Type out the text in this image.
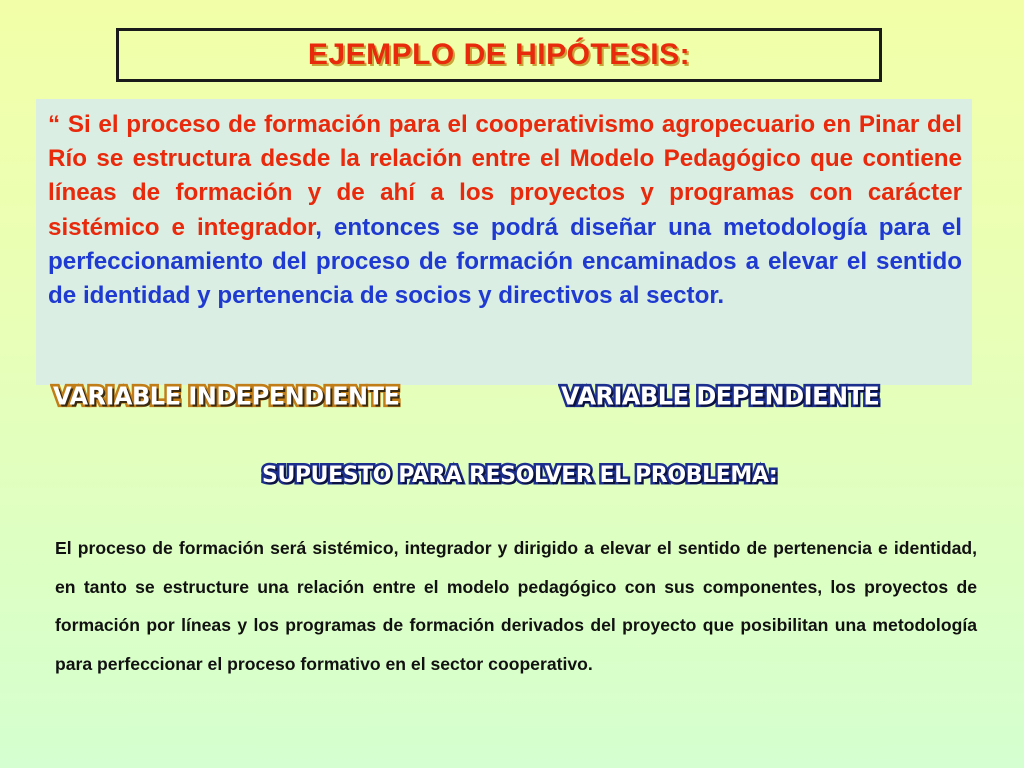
EJEMPLO DE HIPÓTESIS:

“ Si el proceso de formación para el cooperativismo agropecuario en Pinar del Río se estructura desde la relación entre el Modelo Pedagógico que contiene líneas de formación y de ahí a los proyectos y programas con carácter sistémico e integrador, entonces se podrá diseñar una metodología para el perfeccionamiento del proceso de formación encaminados a elevar el sentido de identidad y pertenencia de socios y directivos al sector.

VARIABLE INDEPENDIENTE	VARIABLE DEPENDIENTE
SUPUESTO PARA RESOLVER EL PROBLEMA:

El proceso de formación será sistémico, integrador y dirigido a elevar el sentido de pertenencia e identidad, en tanto se estructure una relación entre el modelo pedagógico con sus componentes, los proyectos de formación por líneas y los programas de formación derivados del proyecto que posibilitan una metodología para perfeccionar el proceso formativo en el sector cooperativo.
